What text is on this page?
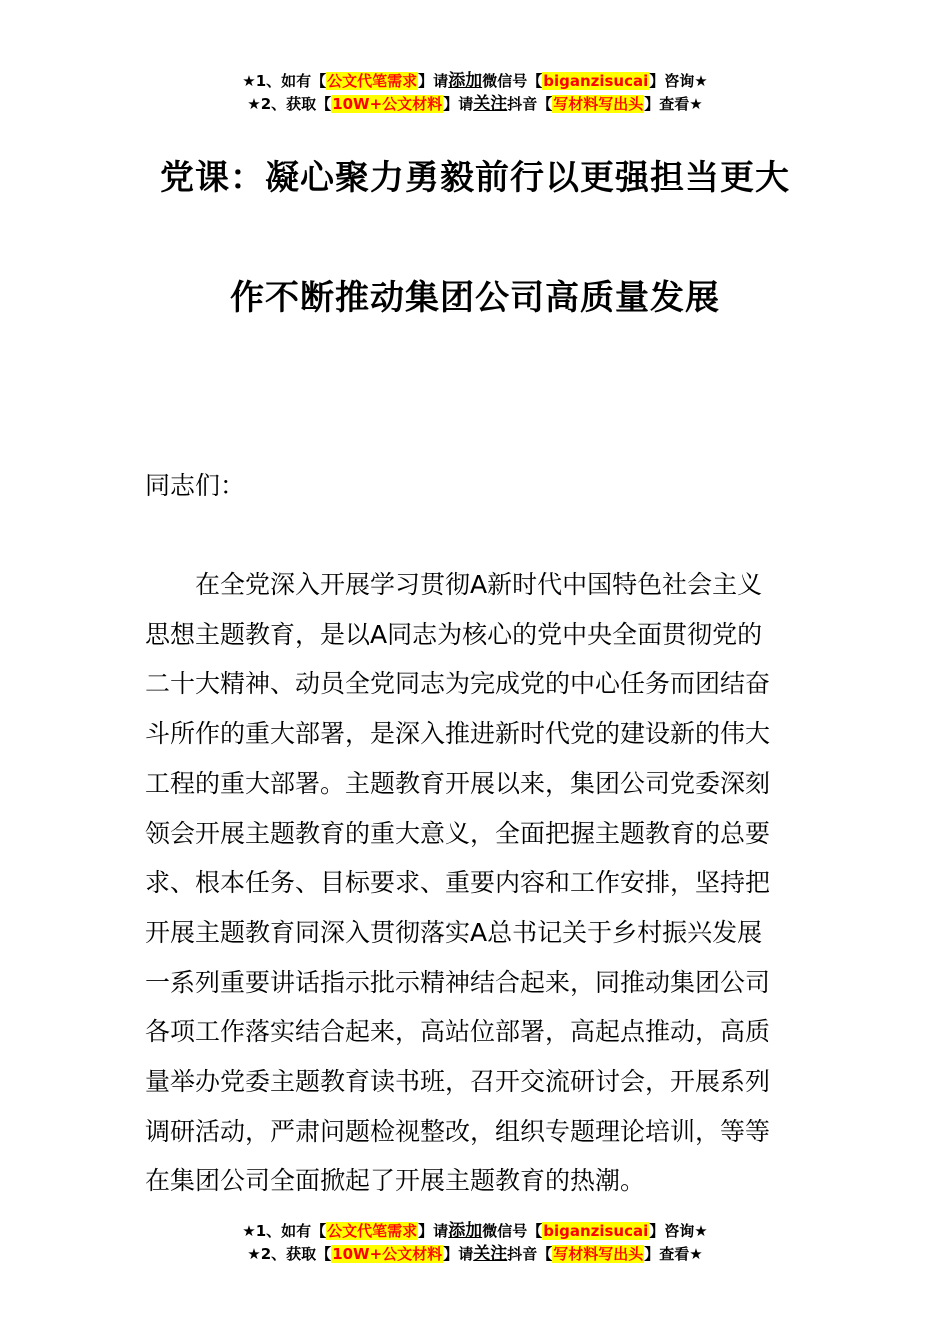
★1、如有【公文代笔需求】请添加微信号【biganzisucai】咨询★
★2、获取【10W+公文材料】请关注抖音【写材料写出头】查看★
党课：凝心聚力勇毅前行以更强担当更大
作不断推动集团公司高质量发展
同志们：
　　在全党深入开展学习贯彻A新时代中国特色社会主义
思想主题教育，是以A同志为核心的党中央全面贯彻党的
二十大精神、动员全党同志为完成党的中心任务而团结奋
斗所作的重大部署，是深入推进新时代党的建设新的伟大
工程的重大部署。主题教育开展以来，集团公司党委深刻
领会开展主题教育的重大意义，全面把握主题教育的总要
求、根本任务、目标要求、重要内容和工作安排，坚持把
开展主题教育同深入贯彻落实A总书记关于乡村振兴发展
一系列重要讲话指示批示精神结合起来，同推动集团公司
各项工作落实结合起来，高站位部署，高起点推动，高质
量举办党委主题教育读书班，召开交流研讨会，开展系列
调研活动，严肃问题检视整改，组织专题理论培训，等等
在集团公司全面掀起了开展主题教育的热潮。
★1、如有【公文代笔需求】请添加微信号【biganzisucai】咨询★
★2、获取【10W+公文材料】请关注抖音【写材料写出头】查看★
